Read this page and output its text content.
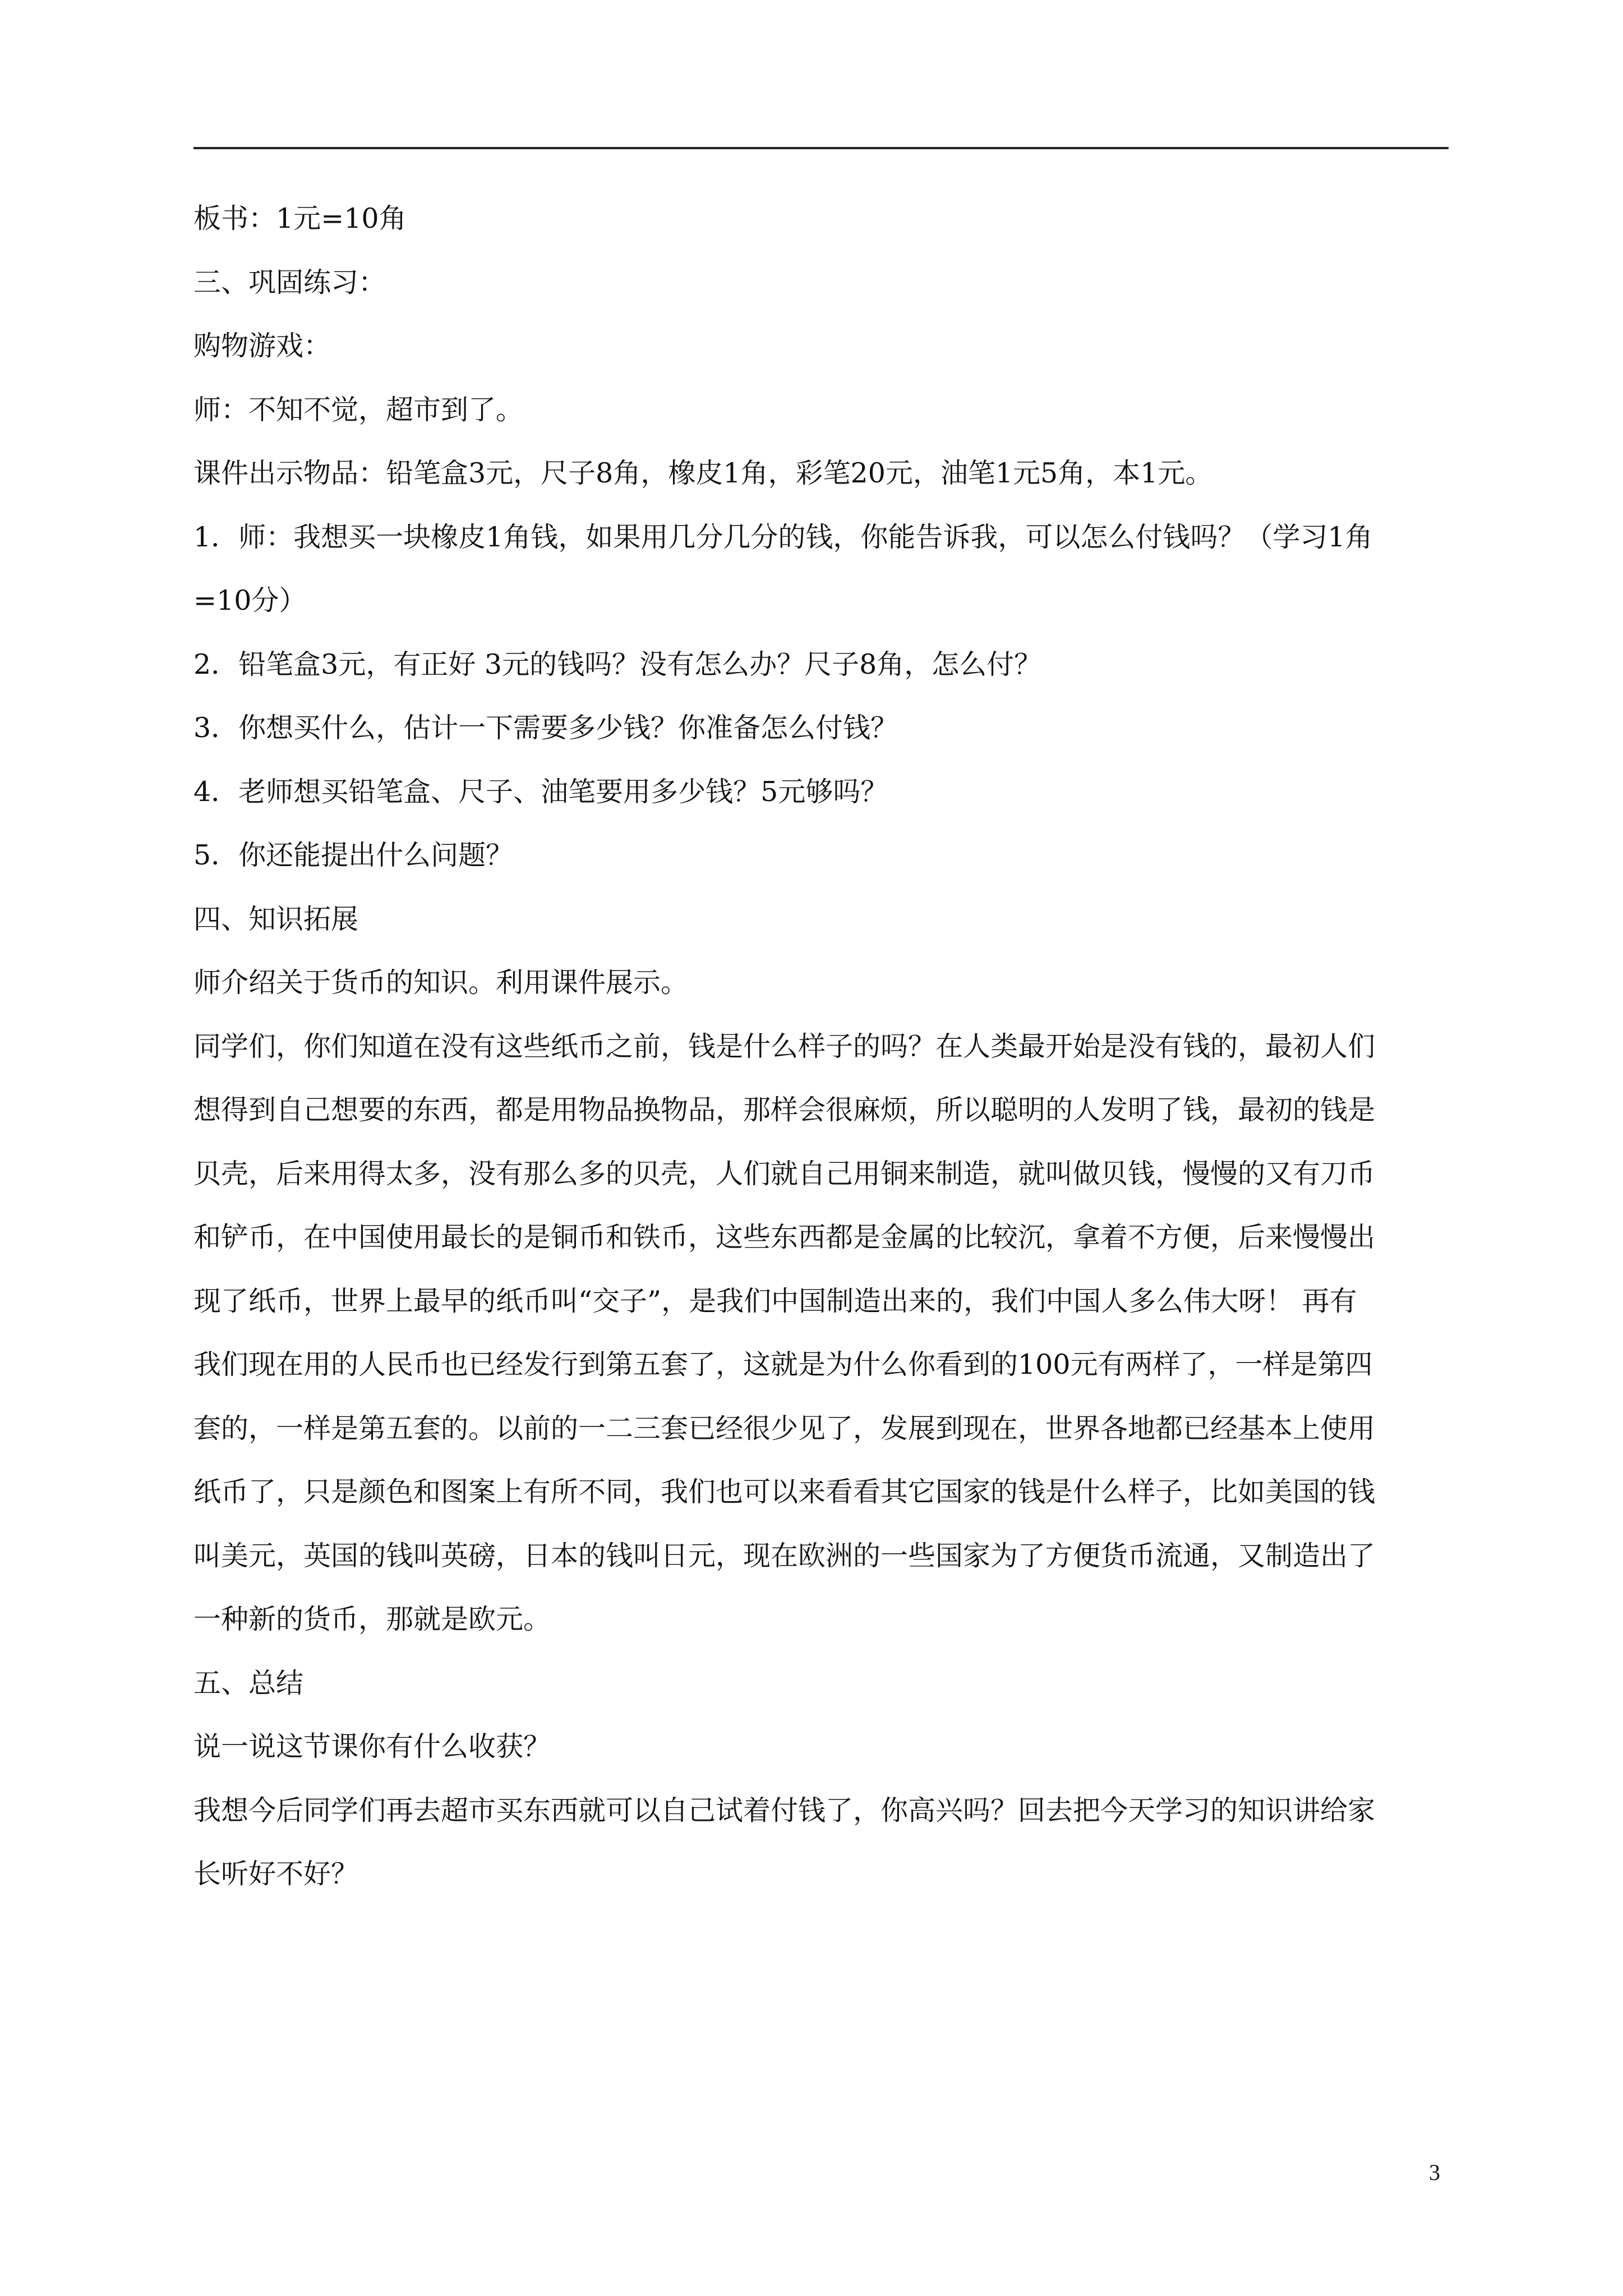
板书：1元=10角
三、巩固练习：
购物游戏：
师：不知不觉，超市到了。
课件出示物品：铅笔盒3元，尺子8角，橡皮1角，彩笔20元，油笔1元5角，本1元。
1．师：我想买一块橡皮1角钱，如果用几分几分的钱，你能告诉我，可以怎么付钱吗？（学习1角
=10分）
2．铅笔盒3元，有正好 3元的钱吗？没有怎么办？尺子8角，怎么付？
3．你想买什么，估计一下需要多少钱？你准备怎么付钱？
4．老师想买铅笔盒、尺子、油笔要用多少钱？5元够吗？
5．你还能提出什么问题？
四、知识拓展
师介绍关于货币的知识。利用课件展示。
同学们，你们知道在没有这些纸币之前，钱是什么样子的吗？在人类最开始是没有钱的，最初人们
想得到自己想要的东西，都是用物品换物品，那样会很麻烦，所以聪明的人发明了钱，最初的钱是
贝壳，后来用得太多，没有那么多的贝壳，人们就自己用铜来制造，就叫做贝钱，慢慢的又有刀币
和铲币，在中国使用最长的是铜币和铁币，这些东西都是金属的比较沉，拿着不方便，后来慢慢出
现了纸币，世界上最早的纸币叫“交子”，是我们中国制造出来的，我们中国人多么伟大呀！ 再有
我们现在用的人民币也已经发行到第五套了，这就是为什么你看到的100元有两样了，一样是第四
套的，一样是第五套的。以前的一二三套已经很少见了，发展到现在，世界各地都已经基本上使用
纸币了，只是颜色和图案上有所不同，我们也可以来看看其它国家的钱是什么样子，比如美国的钱
叫美元，英国的钱叫英磅，日本的钱叫日元，现在欧洲的一些国家为了方便货币流通，又制造出了
一种新的货币，那就是欧元。
五、总结
说一说这节课你有什么收获？
我想今后同学们再去超市买东西就可以自己试着付钱了，你高兴吗？回去把今天学习的知识讲给家
长听好不好？
3
